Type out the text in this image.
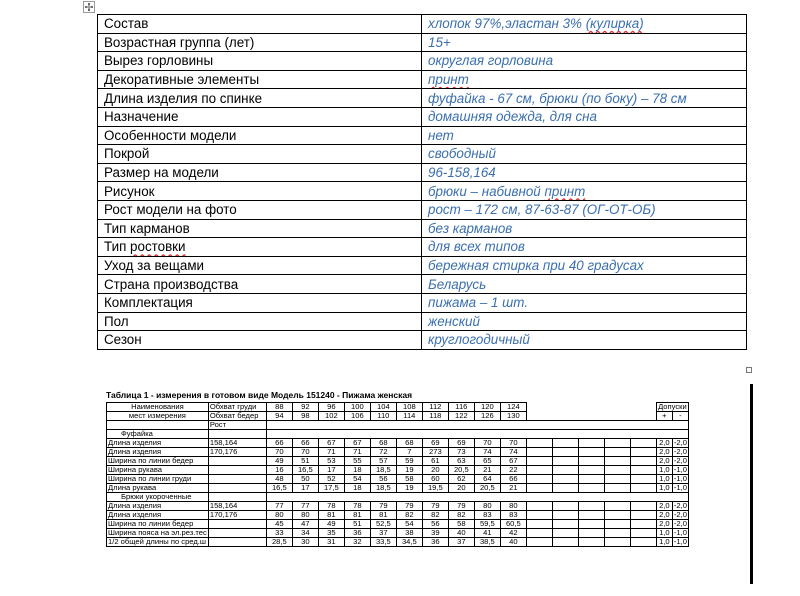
✢
Состав	хлопок 97%,эластан 3% (кулирка)
Возрастная группа (лет)	15+
Вырез горловины	округлая горловина
Декоративные элементы	принт
Длина изделия по спинке	фуфайка - 67 см, брюки (по боку) – 78 см
Назначение	домашняя одежда, для сна
Особенности модели	нет
Покрой	свободный
Размер на модели	96-158,164
Рисунок	брюки – набивной принт
Рост модели на фото	рост – 172 см, 87-63-87 (ОГ-ОТ-ОБ)
Тип карманов	без карманов
Тип ростовки	для всех типов
Уход за вещами	бережная стирка при 40 градусах
Страна производства	Беларусь
Комплектация	пижама – 1 шт.
Пол	женский
Сезон	круглогодичный
Таблица 1 - измерения в готовом виде Модель 151240 - Пижама женская
Наименования	Обхват груди	88	92	96	100	104	108	112	116	120	124						Допуски	
мест измерения	Обхват бедер	94	98	102	106	110	114	118	122	126	130						+	-
	Рост																	
Фуфайка																		
Длина изделия	158,164	66	66	67	67	68	68	69	69	70	70						2,0	-2,0
Длина изделия	170,176	70	70	71	71	72	7	273	73	74	74						2,0	-2,0
Ширина по линии бедер		49	51	53	55	57	59	61	63	65	67						2,0	-2,0
Ширина рукава		16	16,5	17	18	18,5	19	20	20,5	21	22						1,0	-1,0
Ширина по линии груди		48	50	52	54	56	58	60	62	64	66						1,0	-1,0
Длина рукава		16,5	17	17,5	18	18,5	19	19,5	20	20,5	21						1,0	-1,0
Брюки укороченные																		
Длина изделия	158,164	77	77	78	78	79	79	79	79	80	80						2,0	-2,0
Длина изделия	170,176	80	80	81	81	81	82	82	82	83	83						2,0	-2,0
Ширина по линии бедер		45	47	49	51	52,5	54	56	58	59,5	60,5						2,0	-2,0
Ширина пояса на эл.рез.тес		33	34	35	36	37	38	39	40	41	42						1,0	-1,0
1/2 общей длины по сред.ш		28,5	30	31	32	33,5	34,5	36	37	38,5	40						1,0	-1,0
